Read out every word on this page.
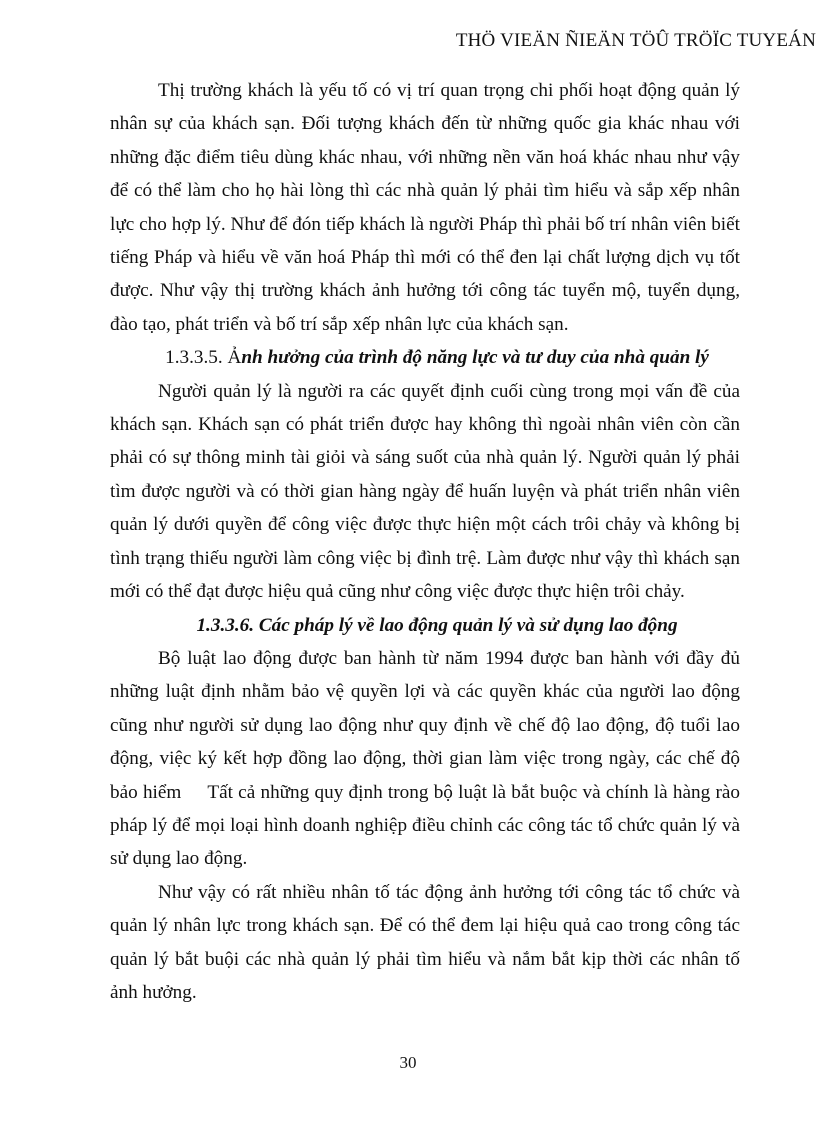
THÖ VIEÄN ÑIEÄN TÖÛ TRÖÏC TUYEÁN

Thị trường khách là yếu tố có vị trí quan trọng chi phối hoạt động quản lý nhân sự của khách sạn. Đối tượng khách đến từ những quốc gia khác nhau với những đặc điểm tiêu dùng khác nhau, với những nền văn hoá khác nhau như vậy để có thể làm cho họ hài lòng thì các nhà quản lý phải tìm hiểu và sắp xếp nhân lực cho hợp lý. Như để đón tiếp khách là người Pháp thì phải bố trí nhân viên biết tiếng Pháp và hiểu về văn hoá Pháp thì mới có thể đen lại chất lượng dịch vụ tốt được. Như vậy thị trường khách ảnh hưởng tới công tác tuyển mộ, tuyển dụng, đào tạo, phát triển và bố trí sắp xếp nhân lực của khách sạn.

1.3.3.5. Ảnh hưởng của trình độ năng lực và tư duy của nhà quản lý

Người quản lý là người ra các quyết định cuối cùng trong mọi vấn đề của khách sạn. Khách sạn có phát triển được hay không thì ngoài nhân viên còn cần phải có sự thông minh tài giỏi và sáng suốt của nhà quản lý. Người quản lý phải tìm được người và có thời gian hàng ngày để huấn luyện và phát triển nhân viên quản lý dưới quyền để công việc được thực hiện một cách trôi chảy và không bị tình trạng thiếu người làm công việc bị đình trệ. Làm được như vậy thì khách sạn mới có thể đạt được hiệu quả cũng như công việc được thực hiện trôi chảy.

1.3.3.6. Các pháp lý về lao động quản lý và sử dụng lao động

Bộ luật lao động được ban hành từ năm 1994 được ban hành với đầy đủ những luật định nhằm bảo vệ quyền lợi và các quyền khác của người lao động cũng như người sử dụng lao động như quy định về chế độ lao động, độ tuổi lao động, việc ký kết hợp đồng lao động, thời gian làm việc trong ngày, các chế độ bảo hiểm Tất cả những quy định trong bộ luật là bắt buộc và chính là hàng rào pháp lý để mọi loại hình doanh nghiệp điều chỉnh các công tác tổ chức quản lý và sử dụng lao động.

Như vậy có rất nhiều nhân tố tác động ảnh hưởng tới công tác tổ chức và quản lý nhân lực trong khách sạn. Để có thể đem lại hiệu quả cao trong công tác quản lý bắt buội các nhà quản lý phải tìm hiểu và nắm bắt kịp thời các nhân tố ảnh hưởng.

30
